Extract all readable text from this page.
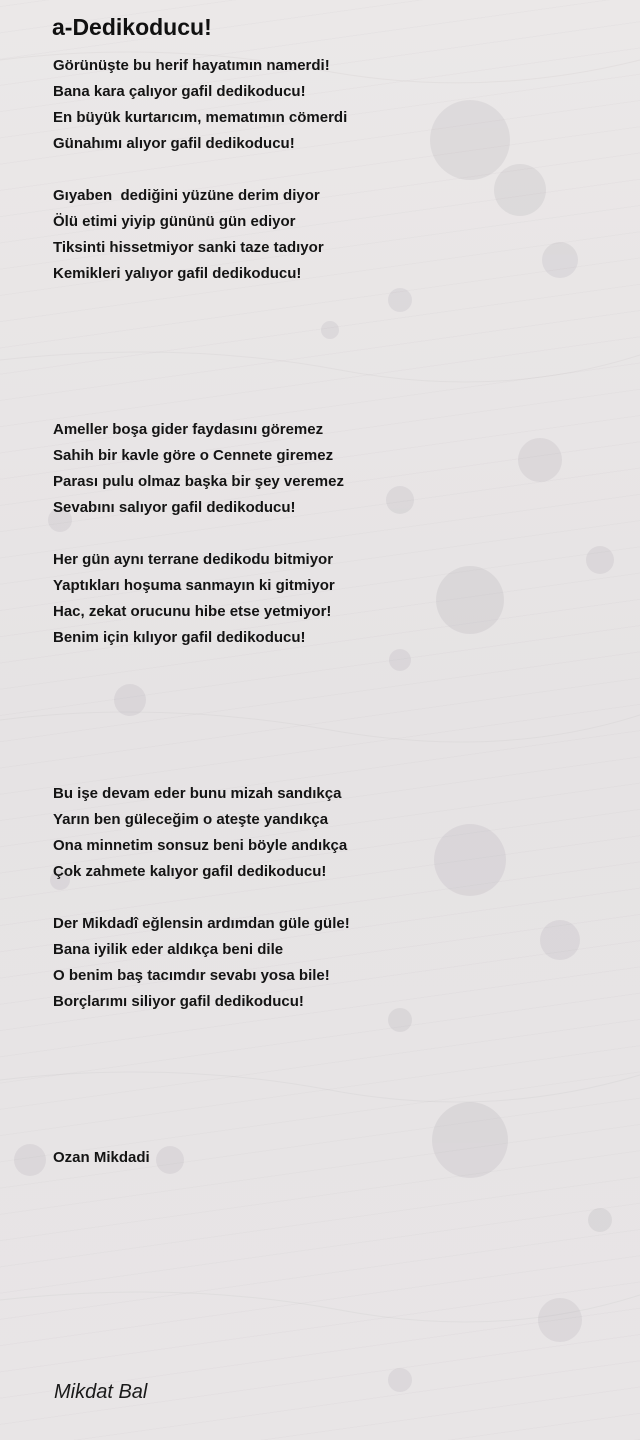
a-Dedikoducu!
Görünüşte bu herif hayatımın namerdi!
Bana kara çalıyor gafil dedikoducu!
En büyük kurtarıcım, mematımın cömerdi
Günahımı alıyor gafil dedikoducu!
Gıyaben  dediğini yüzüne derim diyor
Ölü etimi yiyip gününü gün ediyor
Tiksinti hissetmiyor sanki taze tadıyor
Kemikleri yalıyor gafil dedikoducu!
Ameller boşa gider faydasını göremez
Sahih bir kavle göre o Cennete giremez
Parası pulu olmaz başka bir şey veremez
Sevabını salıyor gafil dedikoducu!
Her gün aynı terrane dedikodu bitmiyor
Yaptıkları hoşuma sanmayın ki gitmiyor
Hac, zekat orucunu hibe etse yetmiyor!
Benim için kılıyor gafil dedikoducu!
Bu işe devam eder bunu mizah sandıkça
Yarın ben güleceğim o ateşte yandıkça
Ona minnetim sonsuz beni böyle andıkça
Çok zahmete kalıyor gafil dedikoducu!
Der Mikdadî eğlensin ardımdan güle güle!
Bana iyilik eder aldıkça beni dile
O benim baş tacımdır sevabı yosa bile!
Borçlarımı siliyor gafil dedikoducu!
Ozan Mikdadi
Mikdat Bal
